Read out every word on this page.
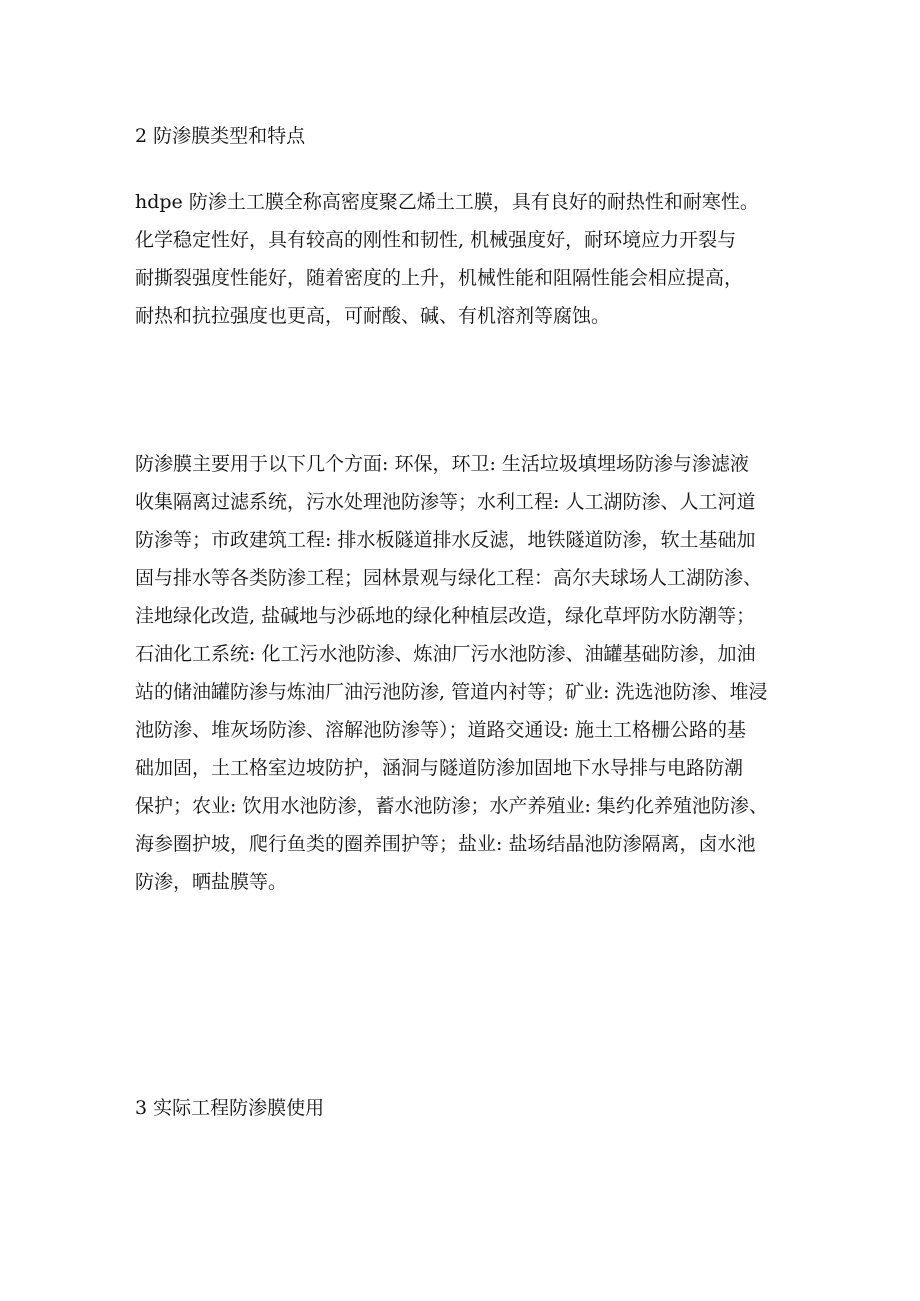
2 防渗膜类型和特点
hdpe 防渗土工膜全称高密度聚乙烯土工膜，具有良好的耐热性和耐寒性。
化学稳定性好，具有较高的刚性和韧性, 机械强度好，耐环境应力开裂与
耐撕裂强度性能好，随着密度的上升，机械性能和阻隔性能会相应提高，
耐热和抗拉强度也更高，可耐酸、碱、有机溶剂等腐蚀。
防渗膜主要用于以下几个方面: 环保，环卫: 生活垃圾填埋场防渗与渗滤液
收集隔离过滤系统，污水处理池防渗等；水利工程: 人工湖防渗、人工河道
防渗等；市政建筑工程: 排水板隧道排水反滤，地铁隧道防渗，软土基础加
固与排水等各类防渗工程；园林景观与绿化工程：高尔夫球场人工湖防渗、
洼地绿化改造, 盐碱地与沙砾地的绿化种植层改造，绿化草坪防水防潮等；
石油化工系统: 化工污水池防渗、炼油厂污水池防渗、油罐基础防渗，加油
站的储油罐防渗与炼油厂油污池防渗, 管道内衬等；矿业: 洗选池防渗、堆浸
池防渗、堆灰场防渗、溶解池防渗等）；道路交通设: 施土工格栅公路的基
础加固，土工格室边坡防护，涵洞与隧道防渗加固地下水导排与电路防潮
保护；农业: 饮用水池防渗，蓄水池防渗；水产养殖业: 集约化养殖池防渗、
海参圈护坡，爬行鱼类的圈养围护等；盐业: 盐场结晶池防渗隔离，卤水池
防渗，晒盐膜等。
3 实际工程防渗膜使用
